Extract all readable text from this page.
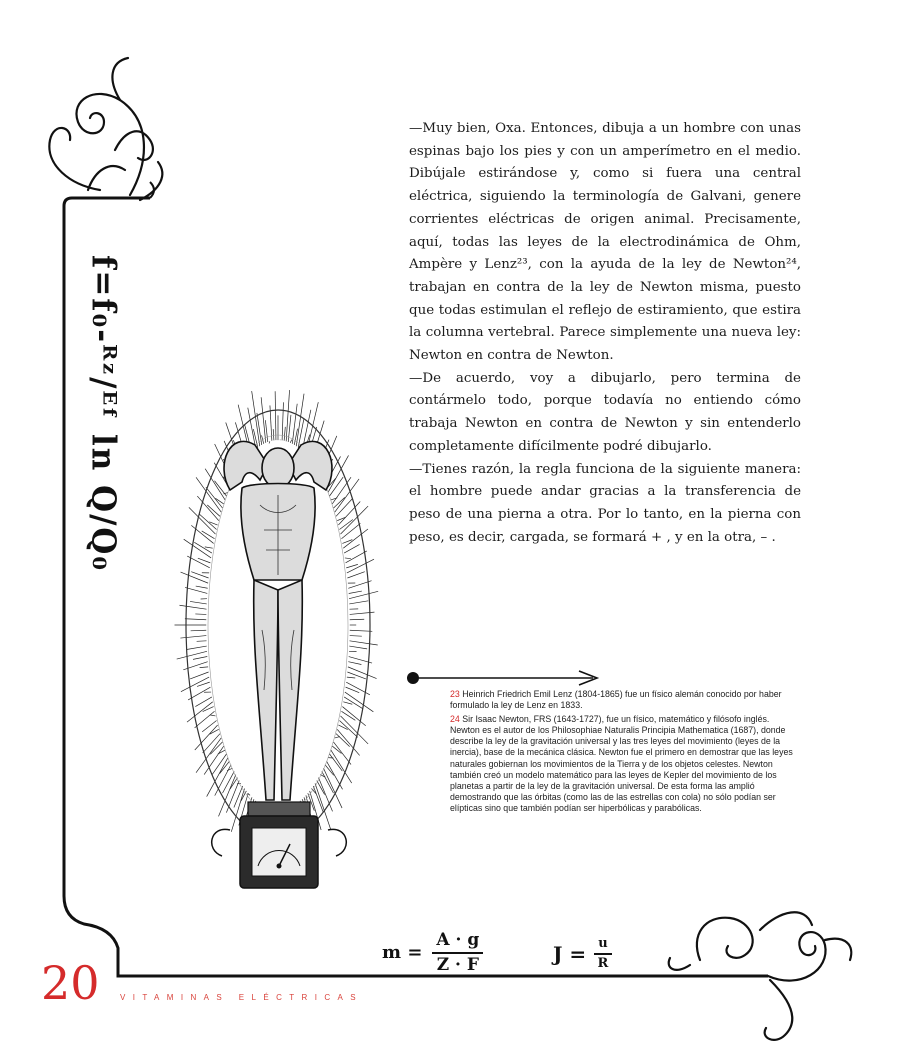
f=f₀-ᴿᶻ/ᴱᶠ ln Q/Q₀

—Muy bien, Oxa. Entonces, dibuja a un hombre con unas espinas bajo los pies y con un amperímetro en el medio. Dibújale estirándose y, como si fuera una central eléctrica, siguiendo la terminología de Galvani, genere corrientes eléctricas de origen animal. Precisamente, aquí, todas las leyes de la electrodinámica de Ohm, Ampère y Lenz²³, con la ayuda de la ley de Newton²⁴, trabajan en contra de la ley de Newton misma, puesto que todas estimulan el reflejo de estiramiento, que estira la columna vertebral. Parece simplemente una nueva ley: Newton en contra de Newton.

—De acuerdo, voy a dibujarlo, pero termina de contármelo todo, porque todavía no entiendo cómo trabaja Newton en contra de Newton y sin entenderlo completamente difícilmente podré dibujarlo.

—Tienes razón, la regla funciona de la siguiente manera: el hombre puede andar gracias a la transferencia de peso de una pierna a otra. Por lo tanto, en la pierna con peso, es decir, cargada, se formará + , y en la otra, – .

23 Heinrich Friedrich Emil Lenz (1804-1865) fue un físico alemán conocido por haber formulado la ley de Lenz en 1833.

24 Sir Isaac Newton, FRS (1643-1727), fue un físico, matemático y filósofo inglés. Newton es el autor de los Philosophiae Naturalis Principia Mathematica (1687), donde describe la ley de la gravitación universal y las tres leyes del movimiento (leyes de la inercia), base de la mecánica clásica. Newton fue el primero en demostrar que las leyes naturales gobiernan los movimientos de la Tierra y de los objetos celestes. Newton también creó un modelo matemático para las leyes de Kepler del movimiento de los planetas a partir de la ley de la gravitación universal. De esta forma las amplió demostrando que las órbitas (como las de las estrellas con cola) no sólo podían ser elípticas sino que también podían ser hiperbólicas y parabólicas.

$m = \frac{A \cdot g}{Z \cdot F}$	$J = \frac{u}{R}$
20	VITAMINAS ELÉCTRICAS
